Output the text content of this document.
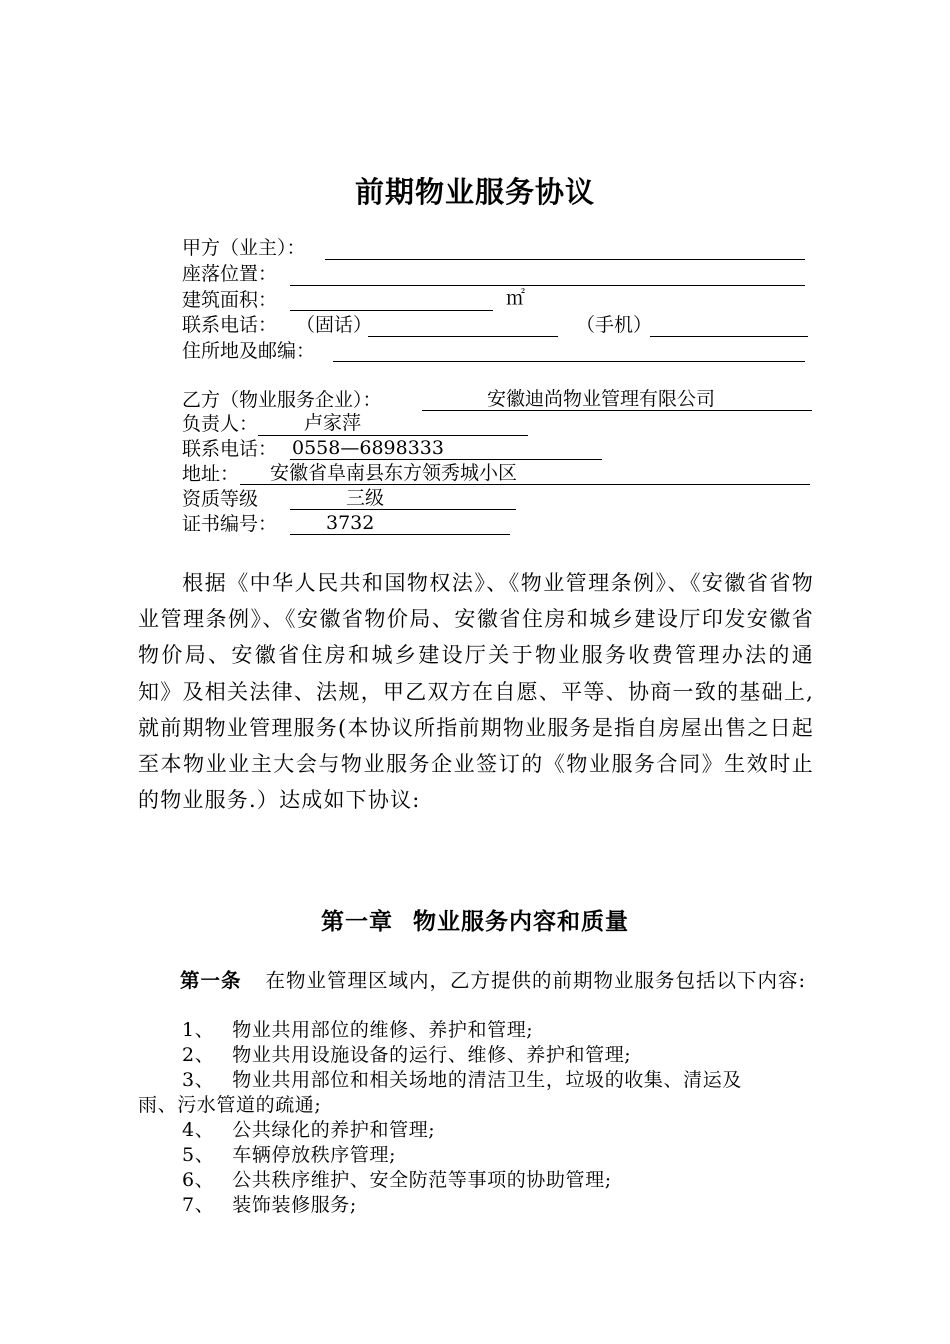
前期物业服务协议
甲方（业主）：
座落位置：
建筑面积：	㎡
联系电话： （固话）	（手机）
住所地及邮编：
乙方（物业服务企业）：	安徽迪尚物业管理有限公司
负责人： 卢家萍
联系电话： 0558—6898333
地址： 安徽省阜南县东方领秀城小区
资质等级	三级
证书编号：	3732
根据《中华人民共和国物权法》、《物业管理条例》、《安徽省省物业管理条例》、《安徽省物价局、安徽省住房和城乡建设厅印发安徽省物价局、安徽省住房和城乡建设厅关于物业服务收费管理办法的通知》及相关法律、法规，甲乙双方在自愿、平等、协商一致的基础上,就前期物业管理服务(本协议所指前期物业服务是指自房屋出售之日起至本物业业主大会与物业服务企业签订的《物业服务合同》生效时止的物业服务.）达成如下协议:
第一章 物业服务内容和质量
第一条 在物业管理区域内，乙方提供的前期物业服务包括以下内容:
1、 物业共用部位的维修、养护和管理;
2、 物业共用设施设备的运行、维修、养护和管理;
3、 物业共用部位和相关场地的清洁卫生，垃圾的收集、清运及
雨、污水管道的疏通;
4、 公共绿化的养护和管理;
5、 车辆停放秩序管理;
6、 公共秩序维护、安全防范等事项的协助管理;
7、 装饰装修服务;
